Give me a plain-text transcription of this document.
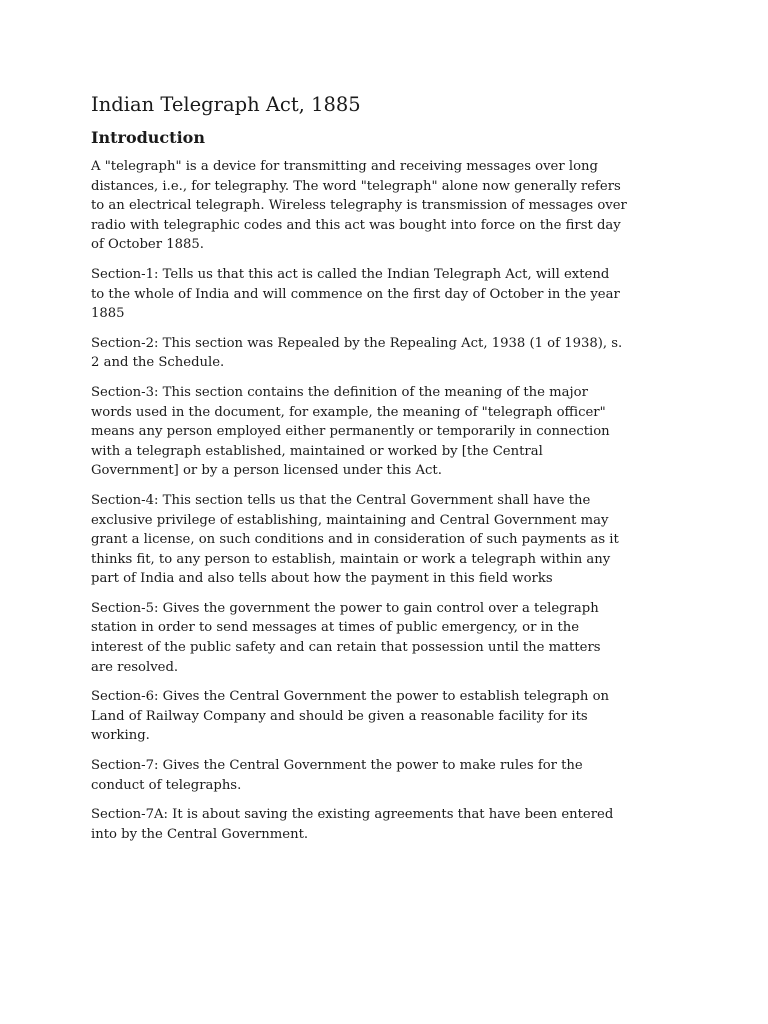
Indian Telegraph Act, 1885
Introduction

A "telegraph" is a device for transmitting and receiving messages over long
distances, i.e., for telegraphy. The word "telegraph" alone now generally refers
to an electrical telegraph. Wireless telegraphy is transmission of messages over
radio with telegraphic codes and this act was bought into force on the first day
of October 1885.

Section-1: Tells us that this act is called the Indian Telegraph Act, will extend
to the whole of India and will commence on the first day of October in the year
1885

Section-2: This section was Repealed by the Repealing Act, 1938 (1 of 1938), s.
2 and the Schedule.

Section-3: This section contains the definition of the meaning of the major
words used in the document, for example, the meaning of "telegraph officer"
means any person employed either permanently or temporarily in connection
with a telegraph established, maintained or worked by [the Central
Government] or by a person licensed under this Act.

Section-4: This section tells us that the Central Government shall have the
exclusive privilege of establishing, maintaining and Central Government may
grant a license, on such conditions and in consideration of such payments as it
thinks fit, to any person to establish, maintain or work a telegraph within any
part of India and also tells about how the payment in this field works

Section-5: Gives the government the power to gain control over a telegraph
station in order to send messages at times of public emergency, or in the
interest of the public safety and can retain that possession until the matters
are resolved.

Section-6: Gives the Central Government the power to establish telegraph on
Land of Railway Company and should be given a reasonable facility for its
working.

Section-7: Gives the Central Government the power to make rules for the
conduct of telegraphs.

Section-7A: It is about saving the existing agreements that have been entered
into by the Central Government.
